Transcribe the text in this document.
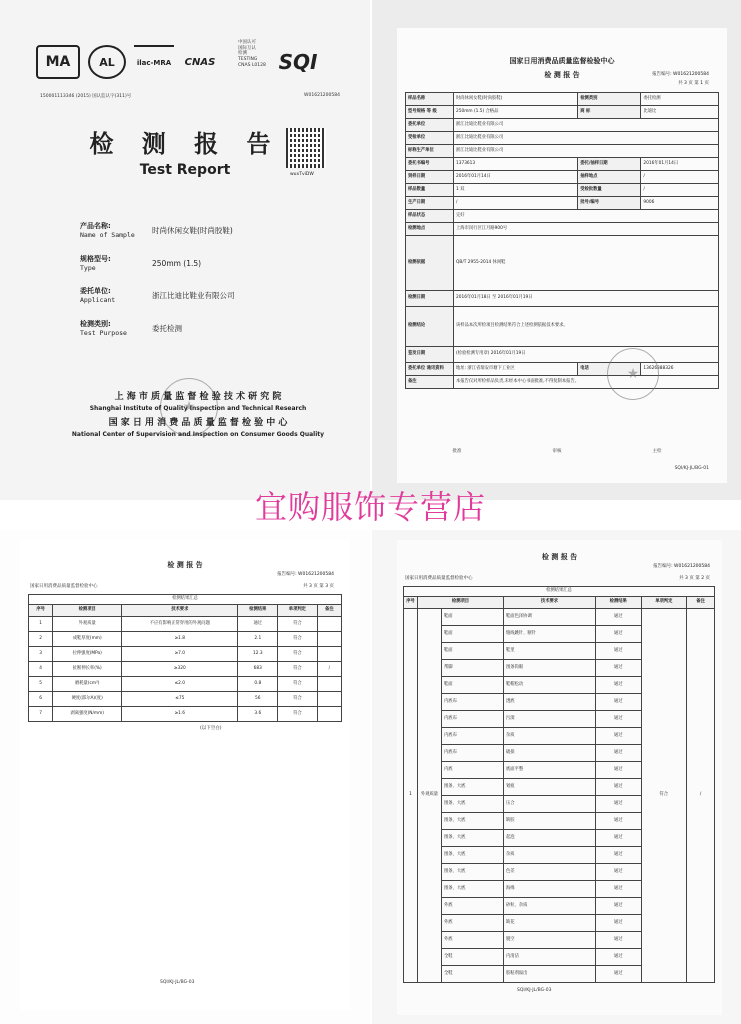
MA	AL	ilac-MRA	CNAS	SQI
中国认可
国际互认
检测
TESTING
CNAS L0128
150001113346 (2015) 国认监认字(311)号	W01621200584
wuxTviDW
检 测 报 告
Test Report
产品名称:
Name of Sample
时尚休闲女鞋(时尚胶鞋)
规格型号:
Type
250mm (1.5)
委托单位:
Applicant
浙江比迪比鞋业有限公司
检测类别:
Test Purpose
委托检测
★
上 海 市 质 量 监 督 检 验 技 术 研 究 院
Shanghai Institute of Quality Inspection and Technical Research
国 家 日 用 消 费 品 质 量 监 督 检 验 中 心
National Center of Supervision and Inspection on Consumer Goods Quality
国家日用消费品质量监督检验中心
检 测 报 告	报告编号: W01621200584
共 3 页 第 1 页
样品名称	时尚休闲女鞋(时尚胶鞋)	检测类别	委托检测
型号规格 等 级	250mm (1.5) 合格品	商 标	比迪比
委托单位	浙江比迪比鞋业有限公司		
受检单位	浙江比迪比鞋业有限公司		
标称生产单位	浙江比迪比鞋业有限公司		
委托书编号	1373613	委托/抽样日期	2016年01月14日
到样日期	2016年01月14日	抽样地点	/
样品数量	1 双	受检批数量	/
生产日期	/	批号/编号	9006
样品状态	完好		
检测地点	上海市闵行区江月路900号		
检测依据	QB/T 2955-2014 休闲鞋		
检测日期	2016年01月18日 至 2016年01月19日		
检测结论	该样品本次所检项目检测结果符合上述检测依据技术要求。		
签发日期	(检验检测专用章) 2016年01月19日		
委托单位 通讯资料	地址: 浙江省瑞安市塘下工业区	电话	13626388326
备注	本报告仅对所检样品负责,未经本中心书面批准,不得复制本报告。		
★
批准	审核	主检
SQI/KJ-JL/BG-01
宜购服饰专营店
检 测 报 告
报告编号: W01621200584
国家日用消费品质量监督检验中心	共 3 页 第 3 页
检测结果汇总					
序号	检测项目	技术要求	检测结果	单项判定	备注
1	外观质量	不应有影响正常穿用的外观问题	通过	符合	
2	成鞋厚度(mm)	≥1.8	2.1	符合	
3	拉伸强度(MPa)	≥7.0	12.3	符合	
4	扯断伸长率(%)	≥320	683	符合	/
5	磨耗量(cm³)	≤2.0	0.8	符合	
6	硬度(邵尔A)(度)	≤75	56	符合	
7	剥离强度(N/mm)	≥1.6	3.6	符合	
(以下空白)
SQI/KJ-JL/BG-03
检 测 报 告
报告编号: W01621200584
国家日用消费品质量监督检验中心	共 3 页 第 2 页
检测结果汇总						
序号	检测项目		技术要求	检测结果	单项判定	备注
1	外观质量	鞋面	鞋面色泽协调	通过	符合	/
		鞋面	缝线跳针、断针	通过		
		鞋面	鞋里	通过		
		帮脚	围条钩眼	通过		
		鞋面	鞋帽松动	通过		
		内底布	透底	通过		
		内底布	污渍	通过		
		内底布	杂质	通过		
		内底布	破损	通过		
		内底	底面平整	通过		
		围条、大底	划痕	通过		
		围条、大底	压合	通过		
		围条、大底	缺胶	通过		
		围条、大底	起泡	通过		
		围条、大底	杂质	通过		
		围条、大底	色差	通过		
		围条、大底	海绵	通过		
		外底	砂粒、杂质	通过		
		外底	缺花	通过		
		外底	脱空	通过		
		全鞋	内清洁	通过		
		全鞋	胶粘剂溢出	通过		
SQI/KJ-JL/BG-03
